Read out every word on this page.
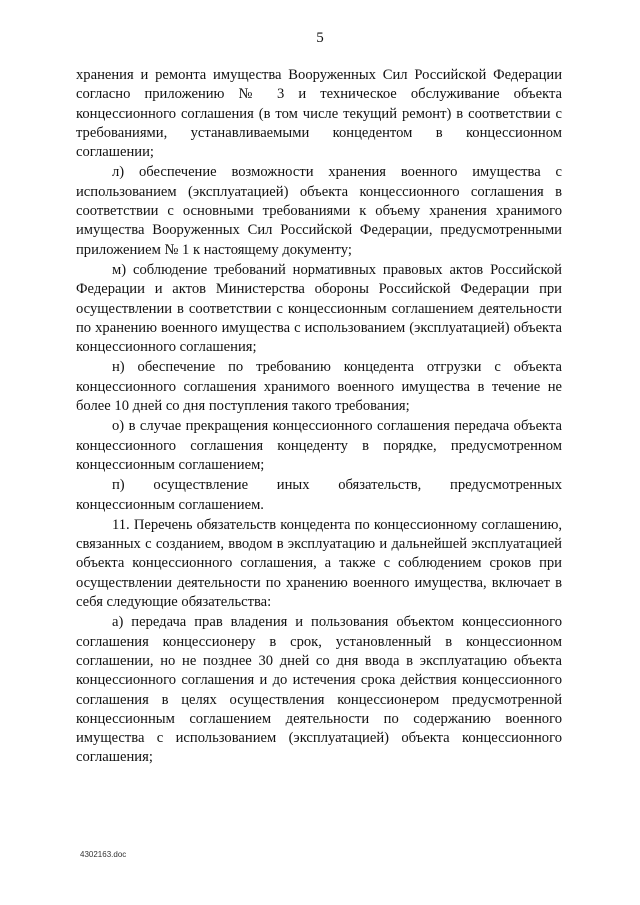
5

хранения и ремонта имущества Вооруженных Сил Российской Федерации согласно приложению № 3 и техническое обслуживание объекта концессионного соглашения (в том числе текущий ремонт) в соответствии с требованиями, устанавливаемыми концедентом в концессионном соглашении;

л) обеспечение возможности хранения военного имущества с использованием (эксплуатацией) объекта концессионного соглашения в соответствии с основными требованиями к объему хранения хранимого имущества Вооруженных Сил Российской Федерации, предусмотренными приложением № 1 к настоящему документу;

м) соблюдение требований нормативных правовых актов Российской Федерации и актов Министерства обороны Российской Федерации при осуществлении в соответствии с концессионным соглашением деятельности по хранению военного имущества с использованием (эксплуатацией) объекта концессионного соглашения;

н) обеспечение по требованию концедента отгрузки с объекта концессионного соглашения хранимого военного имущества в течение не более 10 дней со дня поступления такого требования;

о) в случае прекращения концессионного соглашения передача объекта концессионного соглашения концеденту в порядке, предусмотренном концессионным соглашением;

п) осуществление иных обязательств, предусмотренных концессионным соглашением.

11. Перечень обязательств концедента по концессионному соглашению, связанных с созданием, вводом в эксплуатацию и дальнейшей эксплуатацией объекта концессионного соглашения, а также с соблюдением сроков при осуществлении деятельности по хранению военного имущества, включает в себя следующие обязательства:

а) передача прав владения и пользования объектом концессионного соглашения концессионеру в срок, установленный в концессионном соглашении, но не позднее 30 дней со дня ввода в эксплуатацию объекта концессионного соглашения и до истечения срока действия концессионного соглашения в целях осуществления концессионером предусмотренной концессионным соглашением деятельности по содержанию военного имущества с использованием (эксплуатацией) объекта концессионного соглашения;

4302163.doc
